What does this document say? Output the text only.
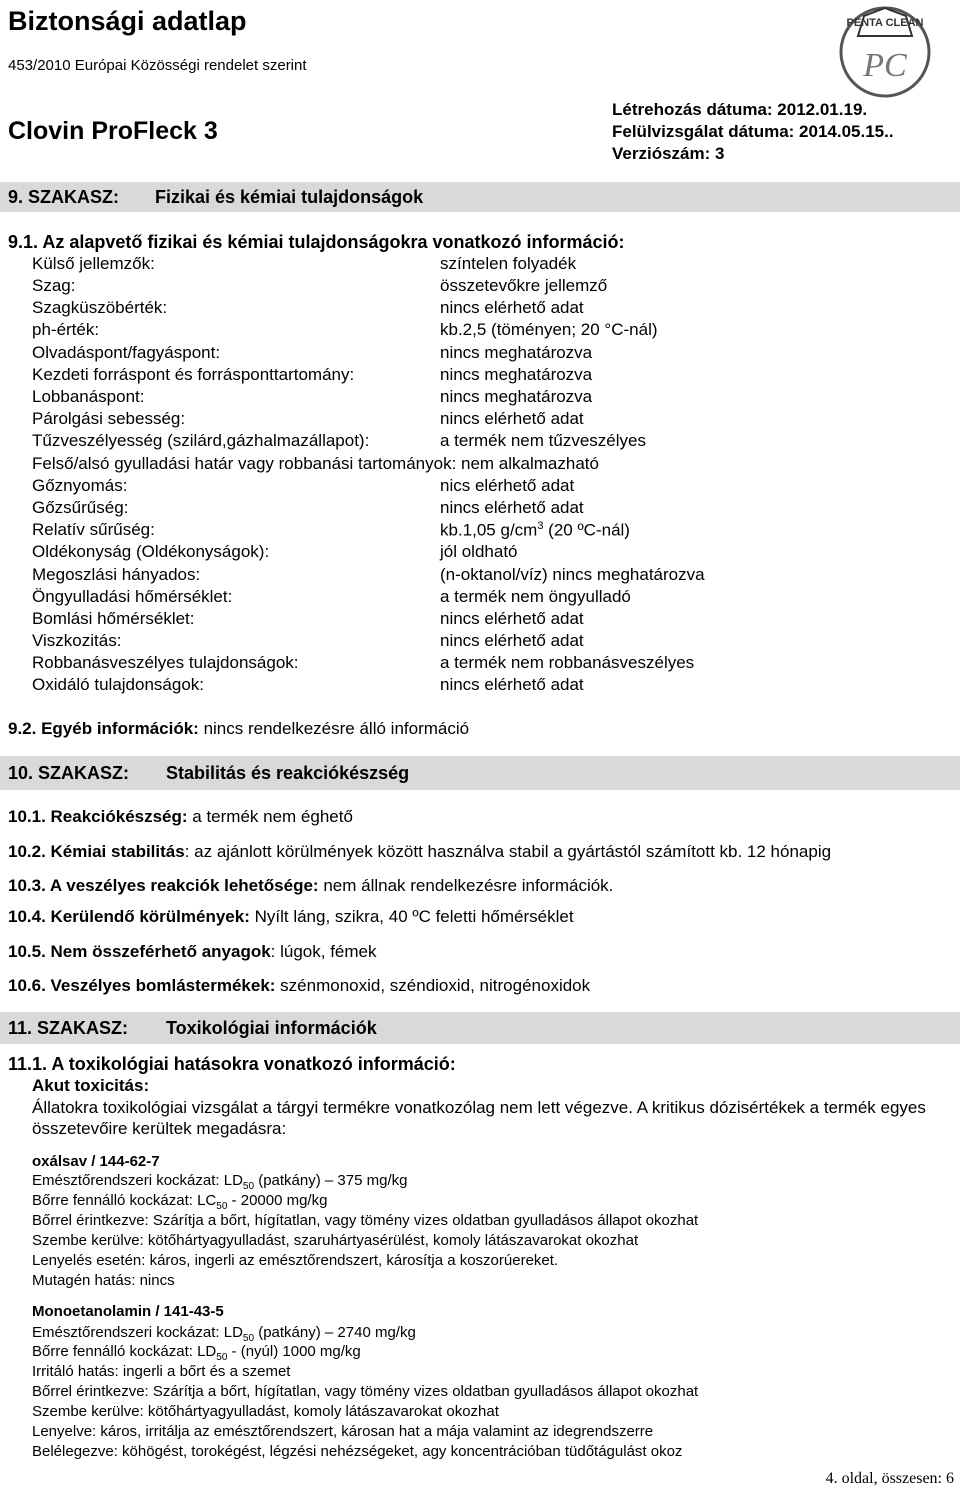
Biztonsági adatlap
453/2010 Európai Közösségi rendelet szerint
Clovin ProFleck 3
Létrehozás dátuma: 2012.01.19.
Felülvizsgálat dátuma: 2014.05.15..
Verziószám: 3
PENTA CLEAN
PC
9. SZAKASZ: Fizikai és kémiai tulajdonságok
9.1. Az alapvető fizikai és kémiai tulajdonságokra vonatkozó információ:
Külső jellemzők:	színtelen folyadék
Szag:	összetevőkre jellemző
Szagküszöbérték:	nincs elérhető adat
ph-érték:	kb.2,5 (töményen; 20 °C-nál)
Olvadáspont/fagyáspont:	nincs meghatározva
Kezdeti forráspont és forrásponttartomány:	nincs meghatározva
Lobbanáspont:	nincs meghatározva
Párolgási sebesség:	nincs elérhető adat
Tűzveszélyesség (szilárd,gázhalmazállapot):	a termék nem tűzveszélyes
Felső/alsó gyulladási határ vagy robbanási tartományok: nem alkalmazható
Gőznyomás:	nics elérhető adat
Gőzsűrűség:	nincs elérhető adat
Relatív sűrűség:	kb.1,05 $g/cm^3$ (20 ºC-nál)
Oldékonyság (Oldékonyságok):	jól oldható
Megoszlási hányados:	(n-oktanol/víz) nincs meghatározva
Öngyulladási hőmérséklet:	a termék nem öngyulladó
Bomlási hőmérséklet:	nincs elérhető adat
Viszkozitás:	nincs elérhető adat
Robbanásveszélyes tulajdonságok:	a termék nem robbanásveszélyes
Oxidáló tulajdonságok:	nincs elérhető adat
9.2. Egyéb információk: nincs rendelkezésre álló információ
10. SZAKASZ: Stabilitás és reakciókészség
10.1. Reakciókészség: a termék nem éghető
10.2. Kémiai stabilitás: az ajánlott körülmények között használva stabil a gyártástól számított kb. 12 hónapig
10.3. A veszélyes reakciók lehetősége: nem állnak rendelkezésre információk.
10.4. Kerülendő körülmények: Nyílt láng, szikra, 40 ºC feletti hőmérséklet
10.5. Nem összeférhető anyagok: lúgok, fémek
10.6. Veszélyes bomlástermékek: szénmonoxid, széndioxid, nitrogénoxidok
11. SZAKASZ: Toxikológiai információk
11.1. A toxikológiai hatásokra vonatkozó információ:
Akut toxicitás:
Állatokra toxikológiai vizsgálat a tárgyi termékre vonatkozólag nem lett végezve. A kritikus dózisértékek a termék egyes összetevőire kerültek megadásra:
oxálsav / 144-62-7
Emésztőrendszeri kockázat: $LD_{50}$ (patkány) – 375 mg/kg
Bőrre fennálló kockázat: $LC_{50} - 20000$ mg/kg
Bőrrel érintkezve: Szárítja a bőrt, hígítatlan, vagy tömény vizes oldatban gyulladásos állapot okozhat
Szembe kerülve: kötőhártyagyulladást, szaruhártyasérülést, komoly látászavarokat okozhat
Lenyelés esetén: káros, ingerli az emésztőrendszert, károsítja a koszorúereket.
Mutagén hatás: nincs
Monoetanolamin / 141-43-5
Emésztőrendszeri kockázat: $LD_{50}$ (patkány) – 2740 mg/kg
Bőrre fennálló kockázat: $LD_{50}$ - (nyúl) 1000 mg/kg
Irritáló hatás: ingerli a bőrt és a szemet
Bőrrel érintkezve: Szárítja a bőrt, hígítatlan, vagy tömény vizes oldatban gyulladásos állapot okozhat
Szembe kerülve: kötőhártyagyulladást, komoly látászavarokat okozhat
Lenyelve: káros, irritálja az emésztőrendszert, károsan hat a mája valamint az idegrendszerre
Belélegezve: köhögést, torokégést, légzési nehézségeket, agy koncentrációban tüdőtágulást okoz
4. oldal, összesen: 6
